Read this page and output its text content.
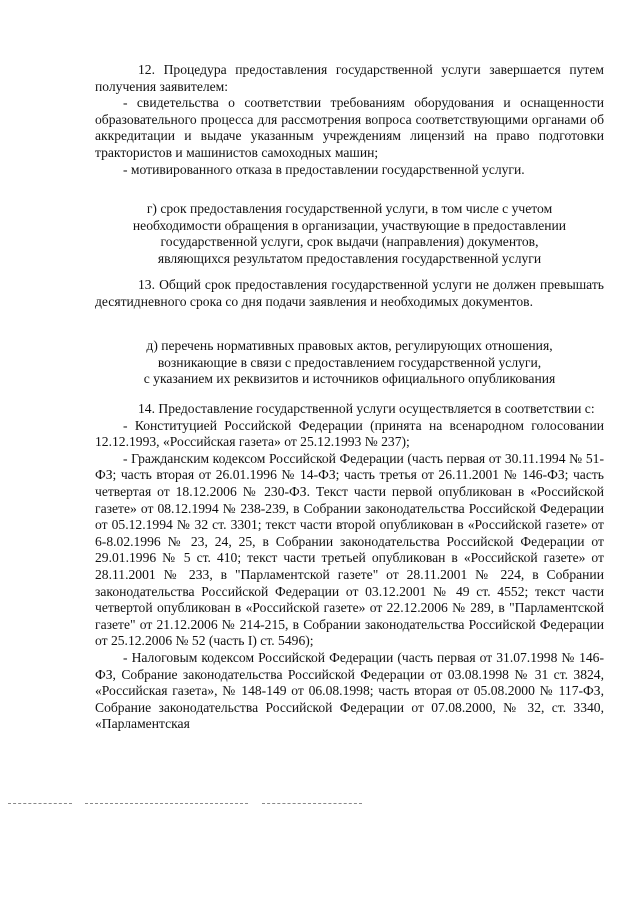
12. Процедура предоставления государственной услуги завершается путем получения заявителем:

- свидетельства о соответствии требованиям оборудования и оснащенности образовательного процесса для рассмотрения вопроса соответствующими органами об аккредитации и выдаче указанным учреждениям лицензий на право подготовки трактористов и машинистов самоходных машин;

- мотивированного отказа в предоставлении государственной услуги.

г) срок предоставления государственной услуги, в том числе с учетом

необходимости обращения в организации, участвующие в предоставлении

государственной услуги, срок выдачи (направления) документов,

являющихся результатом предоставления государственной услуги

13. Общий срок предоставления государственной услуги не должен превышать десятидневного срока со дня подачи заявления и необходимых документов.

д) перечень нормативных правовых актов, регулирующих отношения,

возникающие в связи с предоставлением государственной услуги,

с указанием их реквизитов и источников официального опубликования

14. Предоставление государственной услуги осуществляется в соответствии с:

- Конституцией Российской Федерации (принята на всенародном голосовании 12.12.1993, «Российская газета» от 25.12.1993 № 237);

- Гражданским кодексом Российской Федерации (часть первая от 30.11.1994 № 51-ФЗ; часть вторая от 26.01.1996 № 14-ФЗ; часть третья от 26.11.2001 № 146-ФЗ; часть четвертая от 18.12.2006 № 230-ФЗ. Текст части первой опубликован в «Российской газете» от 08.12.1994 № 238-239, в Собрании законодательства Российской Федерации от 05.12.1994 № 32 ст. 3301; текст части второй опубликован в «Российской газете» от 6-8.02.1996 № 23, 24, 25, в Собрании законодательства Российской Федерации от 29.01.1996 № 5 ст. 410; текст части третьей опубликован в «Российской газете» от 28.11.2001 № 233, в "Парламентской газете" от 28.11.2001 № 224, в Собрании законодательства Российской Федерации от 03.12.2001 № 49 ст. 4552; текст части четвертой опубликован в «Российской газете» от 22.12.2006 № 289, в "Парламентской газете" от 21.12.2006 № 214-215, в Собрании законодательства Российской Федерации от 25.12.2006 № 52 (часть I) ст. 5496);

- Налоговым кодексом Российской Федерации (часть первая от 31.07.1998 № 146-ФЗ, Собрание законодательства Российской Федерации от 03.08.1998 № 31 ст. 3824, «Российская газета», № 148-149 от 06.08.1998; часть вторая от 05.08.2000 № 117-ФЗ, Собрание законодательства Российской Федерации от 07.08.2000, № 32, ст. 3340, «Парламентская
